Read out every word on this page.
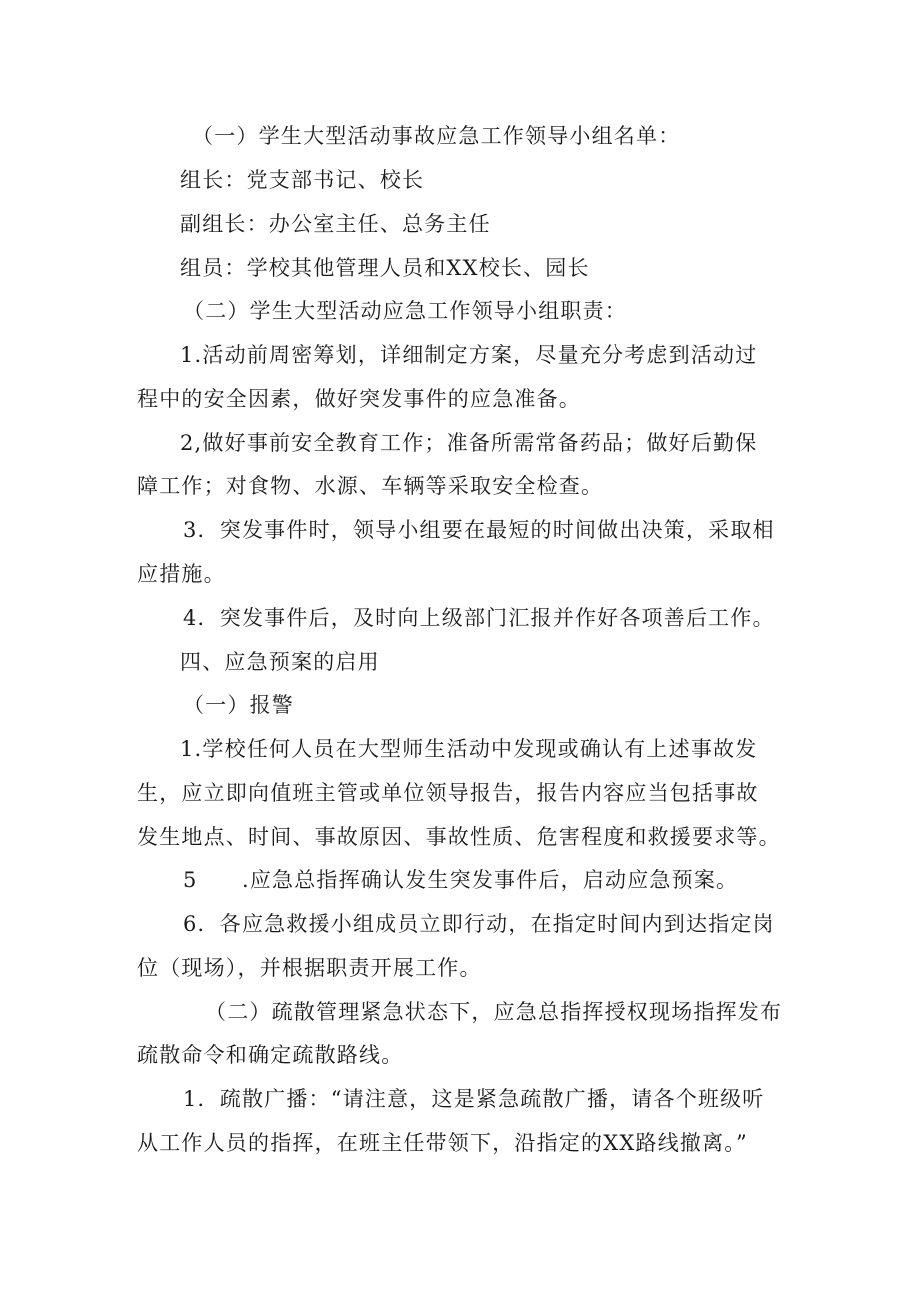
（一）学生大型活动事故应急工作领导小组名单：
组长：党支部书记、校长
副组长：办公室主任、总务主任
组员：学校其他管理人员和XX校长、园长
（二）学生大型活动应急工作领导小组职责：
1.活动前周密筹划，详细制定方案，尽量充分考虑到活动过
程中的安全因素，做好突发事件的应急准备。
2,做好事前安全教育工作；准备所需常备药品；做好后勤保
障工作；对食物、水源、车辆等采取安全检查。
3．突发事件时，领导小组要在最短的时间做出决策，采取相
应措施。
4．突发事件后，及时向上级部门汇报并作好各项善后工作。
四、应急预案的启用
（一）报警
1.学校任何人员在大型师生活动中发现或确认有上述事故发
生，应立即向值班主管或单位领导报告，报告内容应当包括事故
发生地点、时间、事故原因、事故性质、危害程度和救援要求等。
5　　.应急总指挥确认发生突发事件后，启动应急预案。
6．各应急救援小组成员立即行动，在指定时间内到达指定岗
位（现场），并根据职责开展工作。
（二）疏散管理紧急状态下，应急总指挥授权现场指挥发布
疏散命令和确定疏散路线。
1．疏散广播：“请注意，这是紧急疏散广播，请各个班级听
从工作人员的指挥，在班主任带领下，沿指定的XX路线撤离。”
